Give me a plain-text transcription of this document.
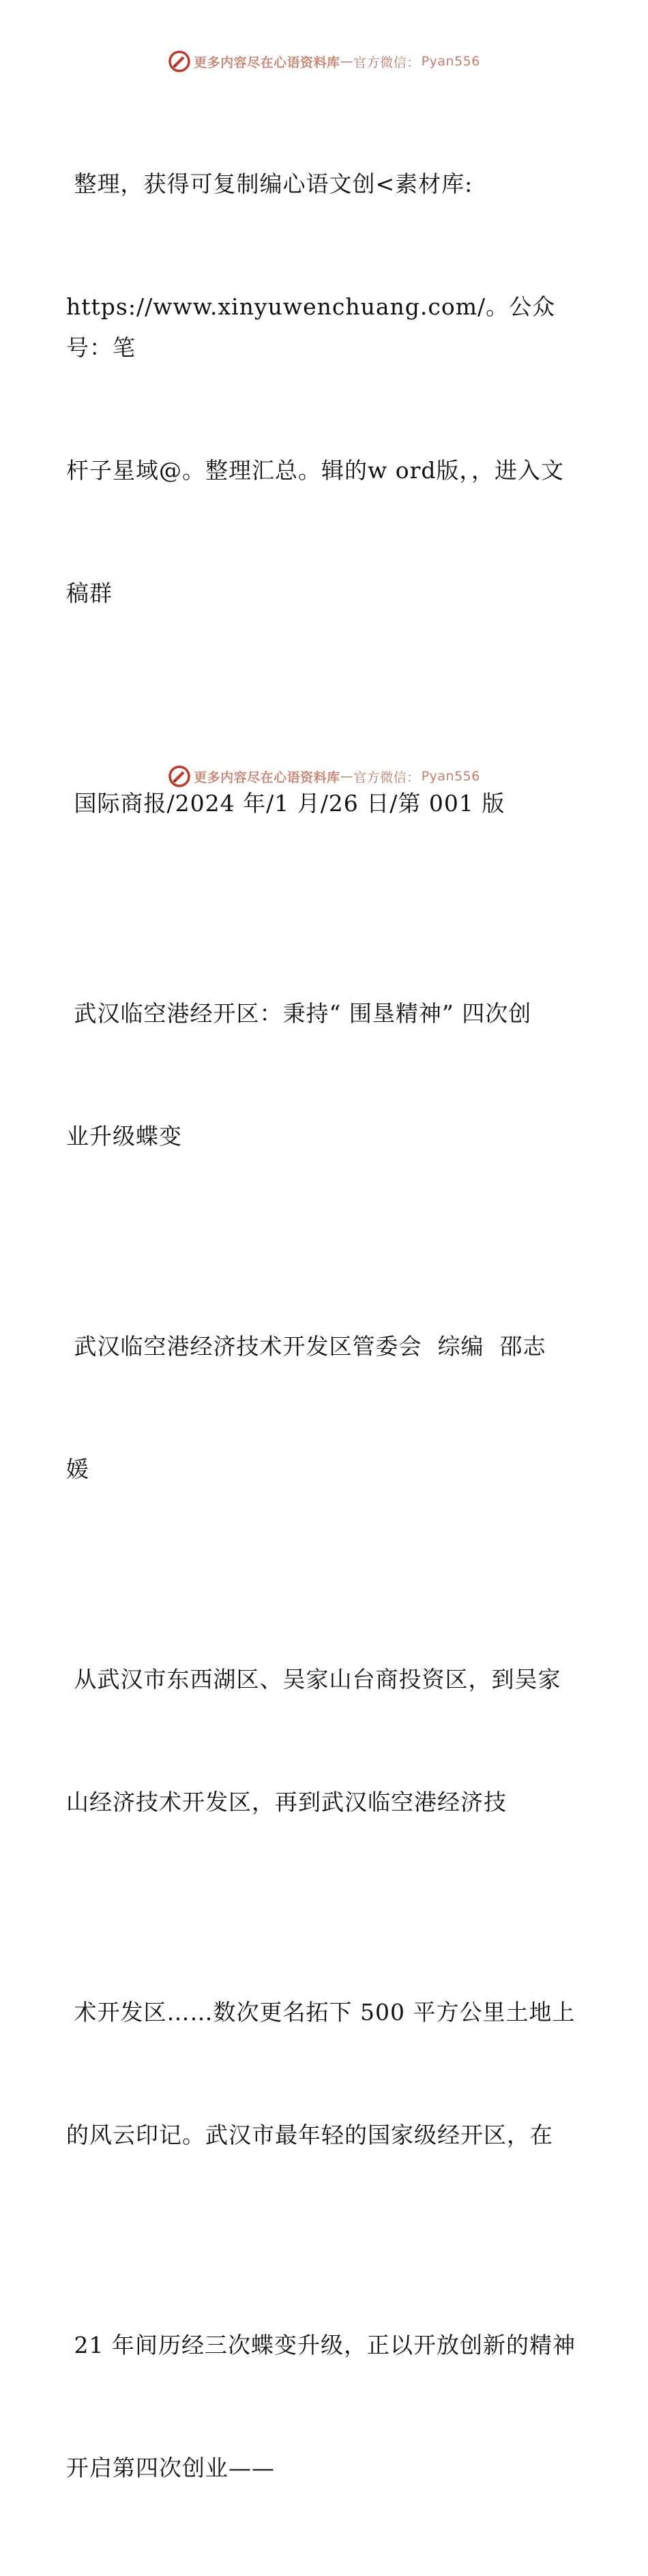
更多内容尽在心语资料库 — 官方微信： Pyan556

整理，获得可复制编心语文创<素材库:

https://www.xinyuwenchuang.com/。公众号：笔

杆子星域@。整理汇总。辑的w ord版，，进入文

稿群

国际商报/2024 年/1 月/26 日/第 001 版

武汉临空港经开区：秉持“ 围垦精神” 四次创

业升级蝶变

武汉临空港经济技术开发区管委会  综编  邵志

媛

从武汉市东西湖区、吴家山台商投资区，到吴家

山经济技术开发区，再到武汉临空港经济技

术开发区……数次更名拓下 500 平方公里土地上

的风云印记。武汉市最年轻的国家级经开区，在

21 年间历经三次蝶变升级，正以开放创新的精神

开启第四次创业——

更多内容尽在心语资料库 — 官方微信： Pyan556
